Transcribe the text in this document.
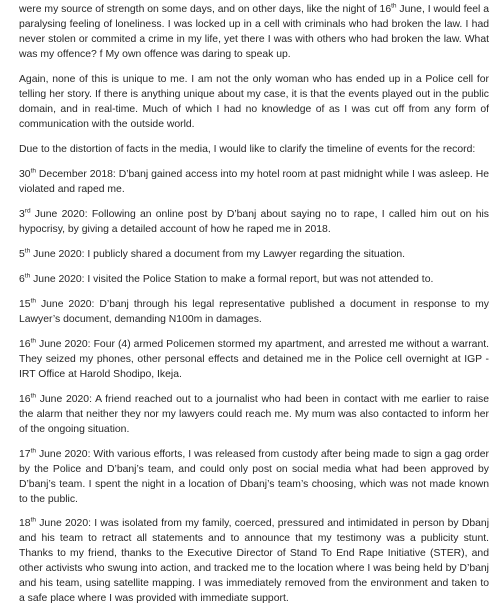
were my source of strength on some days, and on other days, like the night of 16th June, I would feel a paralysing feeling of loneliness. I was locked up in a cell with criminals who had broken the law. I had never stolen or commited a crime in my life, yet there I was with others who had broken the law. What was my offence? f My own offence was daring to speak up.

Again, none of this is unique to me. I am not the only woman who has ended up in a Police cell for telling her story. If there is anything unique about my case, it is that the events played out in the public domain, and in real-time. Much of which I had no knowledge of as I was cut off from any form of communication with the outside world.

Due to the distortion of facts in the media, I would like to clarify the timeline of events for the record:

30th December 2018: D’banj gained access into my hotel room at past midnight while I was asleep. He violated and raped me.

3rd June 2020: Following an online post by D’banj about saying no to rape, I called him out on his hypocrisy, by giving a detailed account of how he raped me in 2018.

5th June 2020: I publicly shared a document from my Lawyer regarding the situation.

6th June 2020: I visited the Police Station to make a formal report, but was not attended to.

15th June 2020: D’banj through his legal representative published a document in response to my Lawyer’s document, demanding N100m in damages.

16th June 2020: Four (4) armed Policemen stormed my apartment, and arrested me without a warrant. They seized my phones, other personal effects and detained me in the Police cell overnight at IGP - IRT Office at Harold Shodipo, Ikeja.

16th June 2020: A friend reached out to a journalist who had been in contact with me earlier to raise the alarm that neither they nor my lawyers could reach me. My mum was also contacted to inform her of the ongoing situation.

17th June 2020: With various efforts, I was released from custody after being made to sign a gag order by the Police and D’banj’s team, and could only post on social media what had been approved by D’banj’s team. I spent the night in a location of Dbanj’s team’s choosing, which was not made known to the public.

18th June 2020: I was isolated from my family, coerced, pressured and intimidated in person by Dbanj and his team to retract all statements and to announce that my testimony was a publicity stunt. Thanks to my friend, thanks to the Executive Director of Stand To End Rape Initiative (STER), and other activists who swung into action, and tracked me to the location where I was being held by D’banj and his team, using satellite mapping. I was immediately removed from the environment and taken to a safe place where I was provided with immediate support.
